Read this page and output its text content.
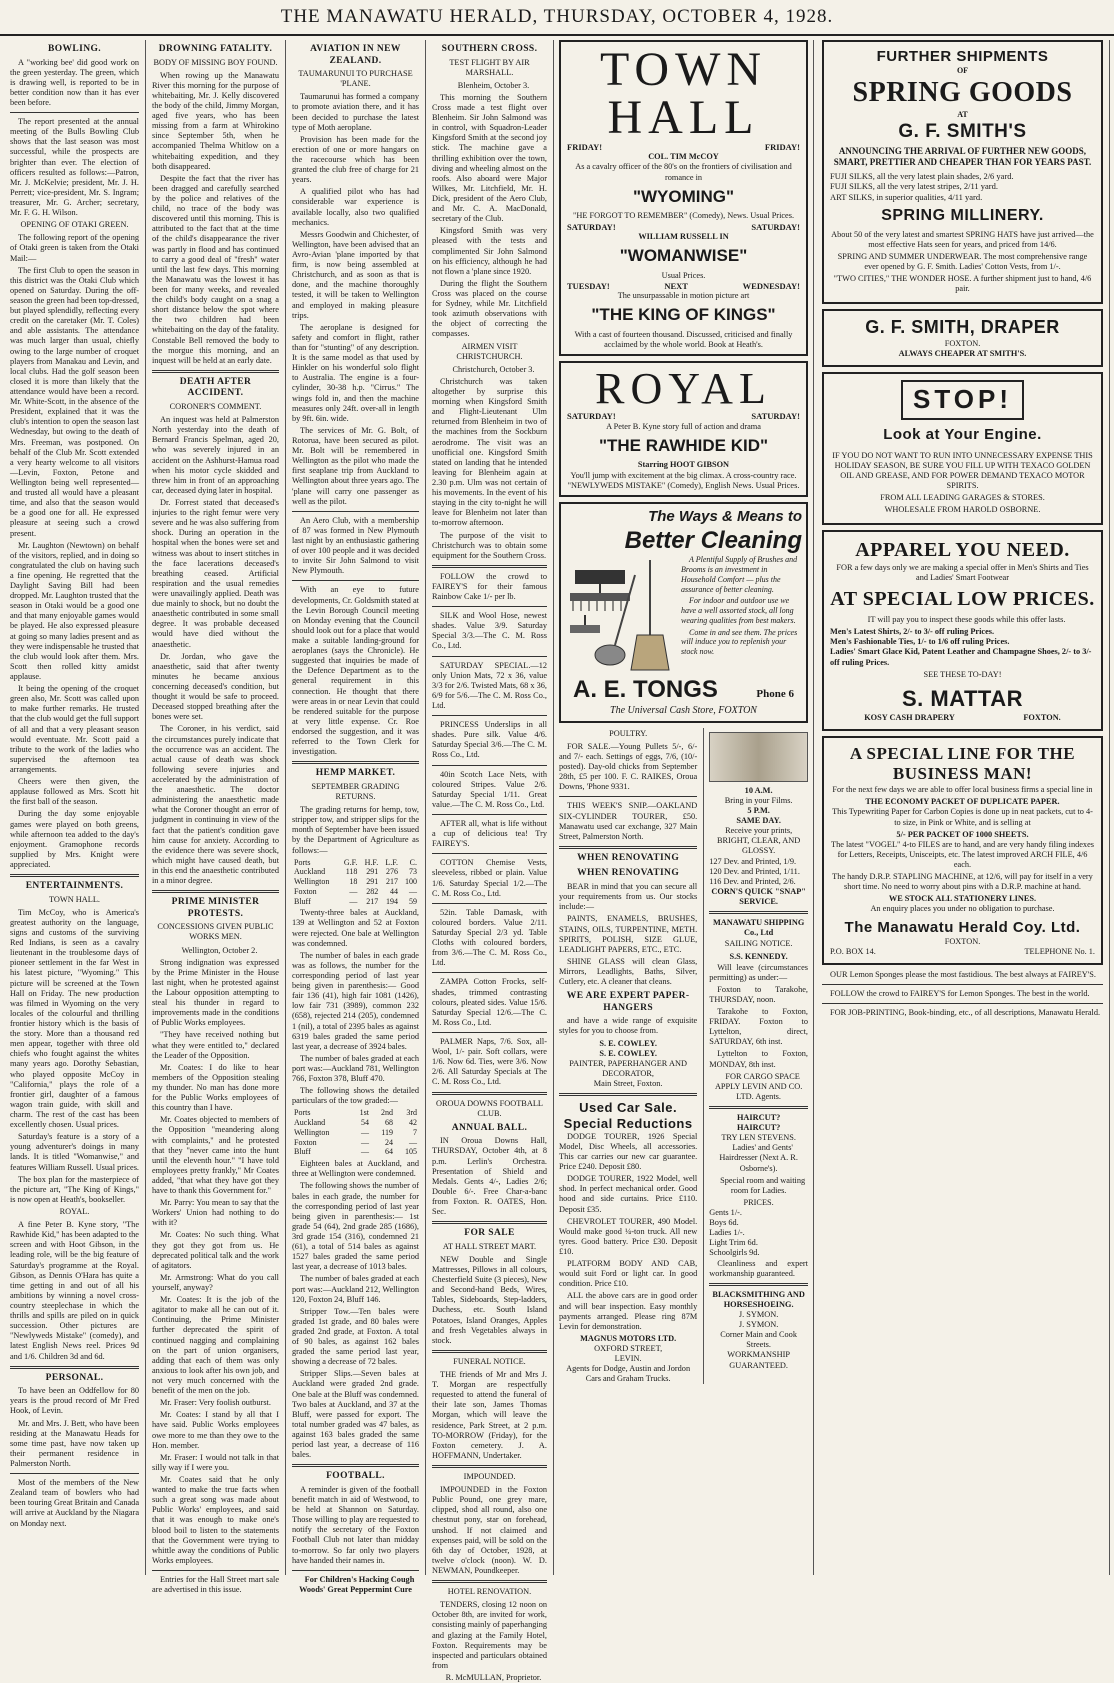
THE MANAWATU HERALD, THURSDAY, OCTOBER 4, 1928.
BOWLING.

A "working bee' did good work on the green yesterday. The green, which is drawing well, is reported to be in better condition now than it has ever been before.

The report presented at the annual meeting of the Bulls Bowling Club shows that the last season was most successful, while the prospects are brighter than ever. The election of officers resulted as follows:—Patron, Mr. J. McKelvie; president, Mr. J. H. Perrett; vice-president, Mr. S. Ingram; treasurer, Mr. G. Archer; secretary, Mr. F. G. H. Wilson.

OPENING OF OTAKI GREEN.

The following report of the opening of Otaki green is taken from the Otaki Mail:—

The first Club to open the season in this district was the Otaki Club which opened on Saturday. During the off-season the green had been top-dressed, but played splendidly, reflecting every credit on the caretaker (Mr. T. Coles) and able assistants. The attendance was much larger than usual, chiefly owing to the large number of croquet players from Manakau and Levin, and local clubs. Had the golf season been closed it is more than likely that the attendance would have been a record. Mr. White-Scott, in the absence of the President, explained that it was the club's intention to open the season last Wednesday, but owing to the death of Mrs. Freeman, was postponed. On behalf of the Club Mr. Scott extended a very hearty welcome to all visitors—Levin, Foxton, Petone and Wellington being well represented—and trusted all would have a pleasant time, and also that the season would be a good one for all. He expressed pleasure at seeing such a crowd present.

Mr. Laughton (Newtown) on behalf of the visitors, replied, and in doing so congratulated the club on having such a fine opening. He regretted that the Daylight Saving Bill had been dropped. Mr. Laughton trusted that the season in Otaki would be a good one and that many enjoyable games would be played. He also expressed pleasure at going so many ladies present and as they were indispensable he trusted that the club would look after them. Mrs. Scott then rolled kitty amidst applause.

It being the opening of the croquet green also, Mr. Scott was called upon to make further remarks. He trusted that the club would get the full support of all and that a very pleasant season would eventuate. Mr. Scott paid a tribute to the work of the ladies who supervised the afternoon tea arrangements.

Cheers were then given, the applause followed as Mrs. Scott hit the first ball of the season.

During the day some enjoyable games were played on both greens, while afternoon tea added to the day's enjoyment. Gramophone records supplied by Mrs. Knight were appreciated.

ENTERTAINMENTS.
TOWN HALL.

Tim McCoy, who is America's greatest authority on the language, signs and customs of the surviving Red Indians, is seen as a cavalry lieutenant in the troublesome days of pioneer settlement in the far West in his latest picture, "Wyoming." This picture will be screened at the Town Hall on Friday. The new production was filmed in Wyoming on the very locales of the colourful and thrilling frontier history which is the basis of the story. More than a thousand red men appear, together with three old chiefs who fought against the whites many years ago. Dorothy Sebastian, who played opposite McCoy in "California," plays the role of a frontier girl, daughter of a famous wagon train guide, with skill and charm. The rest of the cast has been excellently chosen. Usual prices.

Saturday's feature is a story of a young adventurer's doings in many lands. It is titled "Womanwise," and features William Russell. Usual prices.

The box plan for the masterpiece of the picture art, "The King of Kings," is now open at Heath's, bookseller.

ROYAL.

A fine Peter B. Kyne story, "The Rawhide Kid," has been adapted to the screen and with Hoot Gibson, in the leading role, will be the big feature of Saturday's programme at the Royal. Gibson, as Dennis O'Hara has quite a time getting in and out of all his ambitions by winning a novel cross-country steeplechase in which the thrills and spills are piled on in quick succession. Other pictures are "Newlyweds Mistake" (comedy), and latest English News reel. Prices 9d and 1/6. Children 3d and 6d.

PERSONAL.

To have been an Oddfellow for 80 years is the proud record of Mr Fred Hook, of Levin.

Mr. and Mrs. J. Bett, who have been residing at the Manawatu Heads for some time past, have now taken up their permanent residence in Palmerston North.

Most of the members of the New Zealand team of bowlers who had been touring Great Britain and Canada will arrive at Auckland by the Niagara on Monday next.

DROWNING FATALITY.
BODY OF MISSING BOY FOUND.

When rowing up the Manawatu River this morning for the purpose of whitebaiting, Mr. J. Kelly discovered the body of the child, Jimmy Morgan, aged five years, who has been missing from a farm at Whirokino since September 5th, when he accompanied Thelma Whitlow on a whitebaiting expedition, and they both disappeared.

Despite the fact that the river has been dragged and carefully searched by the police and relatives of the child, no trace of the body was discovered until this morning. This is attributed to the fact that at the time of the child's disappearance the river was partly in flood and has continued to carry a good deal of "fresh" water until the last few days. This morning the Manawatu was the lowest it has been for many weeks, and revealed the child's body caught on a snag a short distance below the spot where the two children had been whitebaiting on the day of the fatality. Constable Bell removed the body to the morgue this morning, and an inquest will be held at an early date.

DEATH AFTER ACCIDENT.
CORONER'S COMMENT.

An inquest was held at Palmerston North yesterday into the death of Bernard Francis Spelman, aged 20, who was severely injured in an accident on the Ashhurst-Hamua road when his motor cycle skidded and threw him in front of an approaching car, deceased dying later in hospital.

Dr. Forrest stated that deceased's injuries to the right femur were very severe and he was also suffering from shock. During an operation in the hospital when the bones were set and witness was about to insert stitches in the face lacerations deceased's breathing ceased. Artificial respiration and the usual remedies were unavailingly applied. Death was due mainly to shock, but no doubt the anaesthetic contributed in some small degree. It was probable deceased would have died without the anaesthetic.

Dr. Jordan, who gave the anaesthetic, said that after twenty minutes he became anxious concerning deceased's condition, but thought it would be safe to proceed. Deceased stopped breathing after the bones were set.

The Coroner, in his verdict, said the circumstances purely indicate that the occurrence was an accident. The actual cause of death was shock following severe injuries and accelerated by the administration of the anaesthetic. The doctor administering the anaesthetic made what the Coroner thought an error of judgment in continuing in view of the fact that the patient's condition gave him cause for anxiety. According to the evidence there was severe shock, which might have caused death, but in this end the anaesthetic contributed in a minor degree.

PRIME MINISTER PROTESTS.
CONCESSIONS GIVEN PUBLIC WORKS MEN.

Wellington, October 2.

Strong indignation was expressed by the Prime Minister in the House last night, when he protested against the Labour opposition attempting to steal his thunder in regard to improvements made in the conditions of Public Works employees.

"They have received nothing but what they were entitled to," declared the Leader of the Opposition.

Mr. Coates: I do like to hear members of the Opposition stealing my thunder. No man has done more for the Public Works employees of this country than I have.

Mr. Coates objected to members of the Opposition "meandering along with complaints," and he protested that they "never came into the hunt until the eleventh hour." "I have told employees pretty frankly," Mr Coates added, "that what they have got they have to thank this Government for."

Mr. Parry: You mean to say that the Workers' Union had nothing to do with it?

Mr. Coates: No such thing. What they got they got from us. He deprecated political talk and the work of agitators.

Mr. Armstrong: What do you call yourself, anyway?

Mr. Coates: It is the job of the agitator to make all he can out of it. Continuing, the Prime Minister further deprecated the spirit of continued nagging and complaining on the part of union organisers, adding that each of them was only anxious to look after his own job, and not very much concerned with the benefit of the men on the job.

Mr. Fraser: Very foolish outburst.

Mr. Coates: I stand by all that I have said. Public Works employees owe more to me than they owe to the Hon. member.

Mr. Fraser: I would not talk in that silly way if I were you.

Mr. Coates said that he only wanted to make the true facts when such a great song was made about Public Works' employees, and said that it was enough to make one's blood boil to listen to the statements that the Government were trying to whittle away the conditions of Public Works employees.

Entries for the Hall Street mart sale are advertised in this issue.

AVIATION IN NEW ZEALAND.
TAUMARUNUI TO PURCHASE 'PLANE.

Taumarunui has formed a company to promote aviation there, and it has been decided to purchase the latest type of Moth aeroplane.

Provision has been made for the erection of one or more hangars on the racecourse which has been granted the club free of charge for 21 years.

A qualified pilot who has had considerable war experience is available locally, also two qualified mechanics.

Messrs Goodwin and Chichester, of Wellington, have been advised that an Avro-Avian 'plane imported by that firm, is now being assembled at Christchurch, and as soon as that is done, and the machine thoroughly tested, it will be taken to Wellington and employed in making pleasure trips.

The aeroplane is designed for safety and comfort in flight, rather than for "stunting" of any description. It is the same model as that used by Hinkler on his wonderful solo flight to Australia. The engine is a four-cylinder, 30-38 h.p. "Cirrus." The wings fold in, and then the machine measures only 24ft. over-all in length by 9ft. 6in. wide.

The services of Mr. G. Bolt, of Rotorua, have been secured as pilot. Mr. Bolt will be remembered in Wellington as the pilot who made the first seaplane trip from Auckland to Wellington about three years ago. The 'plane will carry one passenger as well as the pilot.

An Aero Club, with a membership of 87 was formed in New Plymouth last night by an enthusiastic gathering of over 100 people and it was decided to invite Sir John Salmond to visit New Plymouth.

With an eye to future developments, Cr. Goldsmith stated at the Levin Borough Council meeting on Monday evening that the Council should look out for a place that would make a suitable landing-ground for aeroplanes (says the Chronicle). He suggested that inquiries be made of the Defence Department as to the general requirement in this connection. He thought that there were areas in or near Levin that could be rendered suitable for the purpose at very little expense. Cr. Roe endorsed the suggestion, and it was referred to the Town Clerk for investigation.

HEMP MARKET.
SEPTEMBER GRADING RETURNS.

The grading returns for hemp, tow, stripper tow, and stripper slips for the month of September have been issued by the Department of Agriculture as follows:—

Ports	G.F.	H.F.	L.F.	C.
Auckland	118	291	276	73
Wellington	18	291	217	100
Foxton	—	282	44	—
Bluff	—	217	194	59

Twenty-three bales at Auckland, 139 at Wellington and 52 at Foxton were rejected. One bale at Wellington was condemned.

The number of bales in each grade was as follows, the number for the corresponding period of last year being given in parenthesis:— Good fair 136 (41), high fair 1081 (1426), low fair 731 (3989), common 232 (658), rejected 214 (205), condemned 1 (nil), a total of 2395 bales as against 6319 bales graded the same period last year, a decrease of 3924 bales.

The number of bales graded at each port was:—Auckland 781, Wellington 766, Foxton 378, Bluff 470.

The following shows the detailed particulars of the tow graded:—

Ports	1st	2nd	3rd
Auckland	54	68	42
Wellington	—	119	7
Foxton	—	24	—
Bluff	—	64	105

Eighteen bales at Auckland, and three at Wellington were condemned.

The following shows the number of bales in each grade, the number for the corresponding period of last year being given in parenthesis:— 1st grade 54 (64), 2nd grade 285 (1686), 3rd grade 154 (316), condemned 21 (61), a total of 514 bales as against 1527 bales graded the same period last year, a decrease of 1013 bales.

The number of bales graded at each port was:—Auckland 212, Wellington 120, Foxton 24, Bluff 146.

Stripper Tow.—Ten bales were graded 1st grade, and 80 bales were graded 2nd grade, at Foxton. A total of 90 bales, as against 162 bales graded the same period last year, showing a decrease of 72 bales.

Stripper Slips.—Seven bales at Auckland were graded 2nd grade. One bale at the Bluff was condemned. Two bales at Auckland, and 37 at the Bluff, were passed for export. The total number graded was 47 bales, as against 163 bales graded the same period last year, a decrease of 116 bales.

FOOTBALL.

A reminder is given of the football benefit match in aid of Westwood, to be held at Shannon on Saturday. Those willing to play are requested to notify the secretary of the Foxton Football Club not later than midday to-morrow. So far only two players have handed their names in.

For Children's Hacking Cough Woods' Great Peppermint Cure

SOUTHERN CROSS.
TEST FLIGHT BY AIR MARSHALL.

Blenheim, October 3.

This morning the Southern Cross made a test flight over Blenheim. Sir John Salmond was in control, with Squadron-Leader Kingsford Smith at the second joy stick. The machine gave a thrilling exhibition over the town, diving and wheeling almost on the roofs. Also aboard were Major Wilkes, Mr. Litchfield, Mr. H. Dick, president of the Aero Club, and Mr. C. A. MacDonald, secretary of the Club.

Kingsford Smith was very pleased with the tests and complimented Sir John Salmond on his efficiency, although he had not flown a 'plane since 1920.

During the flight the Southern Cross was placed on the course for Sydney, while Mr. Litchfield took azimuth observations with the object of correcting the compasses.

AIRMEN VISIT CHRISTCHURCH.

Christchurch, October 3.

Christchurch was taken altogether by surprise this morning when Kingsford Smith and Flight-Lieutenant Ulm returned from Blenheim in two of the machines from the Sockburn aerodrome. The visit was an unofficial one. Kingsford Smith stated on landing that he intended leaving for Blenheim again at 2.30 p.m. Ulm was not certain of his movements. In the event of his staying in the city to-night he will leave for Blenheim not later than to-morrow afternoon.

The purpose of the visit to Christchurch was to obtain some equipment for the Southern Cross.

FOLLOW the crowd to FAIREY'S for their famous Rainbow Cake 1/- per lb.

SILK and Wool Hose, newest shades. Value 3/9. Saturday Special 3/3.—The C. M. Ross Co., Ltd.

SATURDAY SPECIAL.—12 only Union Mats, 72 x 36, value 3/3 for 2/6. Twisted Mats, 68 x 36, 6/9 for 5/6.—The C. M. Ross Co., Ltd.

PRINCESS Underslips in all shades. Pure silk. Value 4/6. Saturday Special 3/6.—The C. M. Ross Co., Ltd.

40in Scotch Lace Nets, with coloured Stripes. Value 2/6. Saturday Special 1/11. Great value.—The C. M. Ross Co., Ltd.

AFTER all, what is life without a cup of delicious tea! Try FAIREY'S.

COTTON Chemise Vests, sleeveless, ribbed or plain. Value 1/6. Saturday Special 1/2.—The C. M. Ross Co., Ltd.

52in. Table Damask, with coloured borders. Value 2/11. Saturday Special 2/3 yd. Table Cloths with coloured borders, from 3/6.—The C. M. Ross Co., Ltd.

ZAMPA Cotton Frocks, self-shades, trimmed contrasting colours, pleated sides. Value 15/6. Saturday Special 12/6.—The C. M. Ross Co., Ltd.

PALMER Naps, 7/6. Sox, all-Wool, 1/- pair. Soft collars, were 1/6. Now 6d. Ties, were 3/6. Now 2/6. All Saturday Specials at The C. M. Ross Co., Ltd.

OROUA DOWNS FOOTBALL CLUB.
ANNUAL BALL.

IN Oroua Downs Hall, THURSDAY, October 4th, at 8 p.m. Lerlin's Orchestra. Presentation of Shield and Medals. Gents 4/-, Ladies 2/6; Double 6/-. Free Char-a-banc from Foxton. R. OATES, Hon. Sec.

FOR SALE
AT HALL STREET MART.

NEW Double and Single Mattresses, Pillows in all colours, Chesterfield Suite (3 pieces), New and Second-hand Beds, Wires, Tables, Sideboards, Step-ladders, Duchess, etc. South Island Potatoes, Island Oranges, Apples and fresh Vegetables always in stock.

FUNERAL NOTICE.

THE friends of Mr and Mrs J. T. Morgan are respectfully requested to attend the funeral of their late son, James Thomas Morgan, which will leave the residence, Park Street, at 2 p.m. TO-MORROW (Friday), for the Foxton cemetery. J. A. HOFFMANN, Undertaker.

IMPOUNDED.

IMPOUNDED in the Foxton Public Pound, one grey mare, clipped, shod all round, also one chestnut pony, star on forehead, unshod. If not claimed and expenses paid, will be sold on the 6th day of October, 1928, at twelve o'clock (noon). W. D. NEWMAN, Poundkeeper.

HOTEL RENOVATION.

TENDERS, closing 12 noon on October 8th, are invited for work, consisting mainly of paperhanging and glazing at the Family Hotel, Foxton. Requirements may be inspected and particulars obtained from

R. McMULLAN, Proprietor.

TOWN HALL
FRIDAY!	FRIDAY!
COL. TIM McCOY
As a cavalry officer of the 80's on the frontiers of civilisation and romance in
"WYOMING"
"HE FORGOT TO REMEMBER" (Comedy), News. Usual Prices.
SATURDAY!	SATURDAY!
WILLIAM RUSSELL IN
"WOMANWISE"
Usual Prices.
TUESDAY!	NEXT	WEDNESDAY!
The unsurpassable in motion picture art
"THE KING OF KINGS"
With a cast of fourteen thousand. Discussed, criticised and finally acclaimed by the whole world. Book at Heath's.
ROYAL
SATURDAY!	SATURDAY!
A Peter B. Kyne story full of action and drama
"THE RAWHIDE KID"
Starring HOOT GIBSON
You'll jump with excitement at the big climax. A cross-country race. "NEWLYWEDS MISTAKE" (Comedy), English News. Usual Prices.
The Ways & Means to
Better Cleaning

A Plentiful Supply of Brushes and Brooms is an investment in Household Comfort — plus the assurance of better cleaning.

For indoor and outdoor use we have a well assorted stock, all long wearing qualities from best makers.

Come in and see them. The prices will induce you to replenish your stock now.

A. E. TONGS	Phone 6
The Universal Cash Store, FOXTON
POULTRY.

FOR SALE.—Young Pullets 5/-, 6/- and 7/- each. Settings of eggs, 7/6, (10/- posted). Day-old chicks from September 28th, £5 per 100. F. C. RAIKES, Oroua Downs, 'Phone 9331.

THIS WEEK'S SNIP.—OAKLAND SIX-CYLINDER TOURER, £50. Manawatu used car exchange, 327 Main Street, Palmerston North.

WHEN RENOVATING
WHEN RENOVATING

BEAR in mind that you can secure all your requirements from us. Our stocks include:—

PAINTS, ENAMELS, BRUSHES, STAINS, OILS, TURPENTINE, METH. SPIRITS, POLISH, SIZE GLUE, LEADLIGHT PAPERS, ETC., ETC.

SHINE GLASS will clean Glass, Mirrors, Leadlights, Baths, Silver, Cutlery, etc. A cleaner that cleans.

WE ARE EXPERT PAPER-HANGERS

and have a wide range of exquisite styles for you to choose from.

S. E. COWLEY.
S. E. COWLEY.
PAINTER, PAPERHANGER AND DECORATOR,
Main Street, Foxton.
Used Car Sale.
Special Reductions

DODGE TOURER, 1926 Special Model, Disc Wheels, all accessories. This car carries our new car guarantee. Price £240. Deposit £80.

DODGE TOURER, 1922 Model, well shod. In perfect mechanical order. Good hood and side curtains. Price £110. Deposit £35.

CHEVROLET TOURER, 490 Model. Would make good ¼-ton truck. All new tyres. Good battery. Price £30. Deposit £10.

PLATFORM BODY AND CAB, would suit Ford or light car. In good condition. Price £10.

ALL the above cars are in good order and will bear inspection. Easy monthly payments arranged. Please ring 87M Levin for demonstration.

MAGNUS MOTORS LTD.
OXFORD STREET,
LEVIN.
Agents for Dodge, Austin and Jordon Cars and Graham Trucks.
10 A.M.
Bring in your Films.
5 P.M.
SAME DAY.
Receive your prints, BRIGHT, CLEAR, AND GLOSSY.
127 Dev. and Printed, 1/9.
120 Dev. and Printed, 1/11.
116 Dev. and Printed, 2/6.
CORN'S QUICK "SNAP" SERVICE.
MANAWATU SHIPPING Co., Ltd
SAILING NOTICE.
S.S. KENNEDY.

Will leave (circumstances permitting) as under:—

Foxton to Tarakohe, THURSDAY, noon.

Tarakohe to Foxton, FRIDAY. Foxton to Lyttelton, direct, SATURDAY, 6th inst.

Lyttelton to Foxton, MONDAY, 8th inst.

FOR CARGO SPACE APPLY LEVIN AND CO. LTD. Agents.

HAIRCUT?
HAIRCUT?
TRY LEN STEVENS.

Ladies' and Gents' Hairdresser (Next A. R. Osborne's).

Special room and waiting room for Ladies.

PRICES.
Gents 1/-.
Boys 6d.
Ladies 1/-.
Light Trim 6d.
Schoolgirls 9d.

Cleanliness and expert workmanship guaranteed.

BLACKSMITHING AND HORSESHOEING.
J. SYMON.
J. SYMON.
Corner Main and Cook Streets.
WORKMANSHIP GUARANTEED.
FURTHER SHIPMENTS
OF
SPRING GOODS
AT
G. F. SMITH'S
ANNOUNCING THE ARRIVAL OF FURTHER NEW GOODS, SMART, PRETTIER AND CHEAPER THAN FOR YEARS PAST.
FUJI SILKS, all the very latest plain shades, 2/6 yard.
FUJI SILKS, all the very latest stripes, 2/11 yard.
ART SILKS, in superior qualities, 4/11 yard.
SPRING MILLINERY.

About 50 of the very latest and smartest SPRING HATS have just arrived—the most effective Hats seen for years, and priced from 14/6.

SPRING AND SUMMER UNDERWEAR. The most comprehensive range ever opened by G. F. Smith. Ladies' Cotton Vests, from 1/-.

"TWO CITIES," THE WONDER HOSE. A further shipment just to hand, 4/6 pair.

G. F. SMITH, DRAPER
FOXTON.
ALWAYS CHEAPER AT SMITH'S.
STOP!
Look at Your Engine.

IF YOU DO NOT WANT TO RUN INTO UNNECESSARY EXPENSE THIS HOLIDAY SEASON, BE SURE YOU FILL UP WITH TEXACO GOLDEN OIL AND GREASE, AND FOR POWER DEMAND TEXACO MOTOR SPIRITS.

FROM ALL LEADING GARAGES & STORES.

WHOLESALE FROM HAROLD OSBORNE.

APPAREL YOU NEED.

FOR a few days only we are making a special offer in Men's Shirts and Ties and Ladies' Smart Footwear

AT SPECIAL LOW PRICES.

IT will pay you to inspect these goods while this offer lasts.

Men's Latest Shirts, 2/- to 3/- off ruling Prices.
Men's Fashionable Ties, 1/- to 1/6 off ruling Prices.
Ladies' Smart Glace Kid, Patent Leather and Champagne Shoes, 2/- to 3/- off ruling Prices.
SEE THESE TO-DAY!
S. MATTAR
KOSY CASH DRAPERY	FOXTON.
A SPECIAL LINE FOR THE BUSINESS MAN!

For the next few days we are able to offer local business firms a special line in

THE ECONOMY PACKET OF DUPLICATE PAPER.

This Typewriting Paper for Carbon Copies is done up in neat packets, cut to 4-to size, in Pink or White, and is selling at

5/- PER PACKET OF 1000 SHEETS.

The latest "VOGEL" 4-to FILES are to hand, and are very handy filing indexes for Letters, Receipts, Unisceipts, etc. The latest improved ARCH FILE, 4/6 each.

The handy D.R.P. STAPLING MACHINE, at 12/6, will pay for itself in a very short time. No need to worry about pins with a D.R.P. machine at hand.

WE STOCK ALL STATIONERY LINES.

An enquiry places you under no obligation to purchase.

The Manawatu Herald Coy. Ltd.
FOXTON.
P.O. BOX 14.	TELEPHONE No. 1.

OUR Lemon Sponges please the most fastidious. The best always at FAIREY'S.

FOLLOW the crowd to FAIREY'S for Lemon Sponges. The best in the world.

FOR JOB-PRINTING, Book-binding, etc., of all descriptions, Manawatu Herald.
